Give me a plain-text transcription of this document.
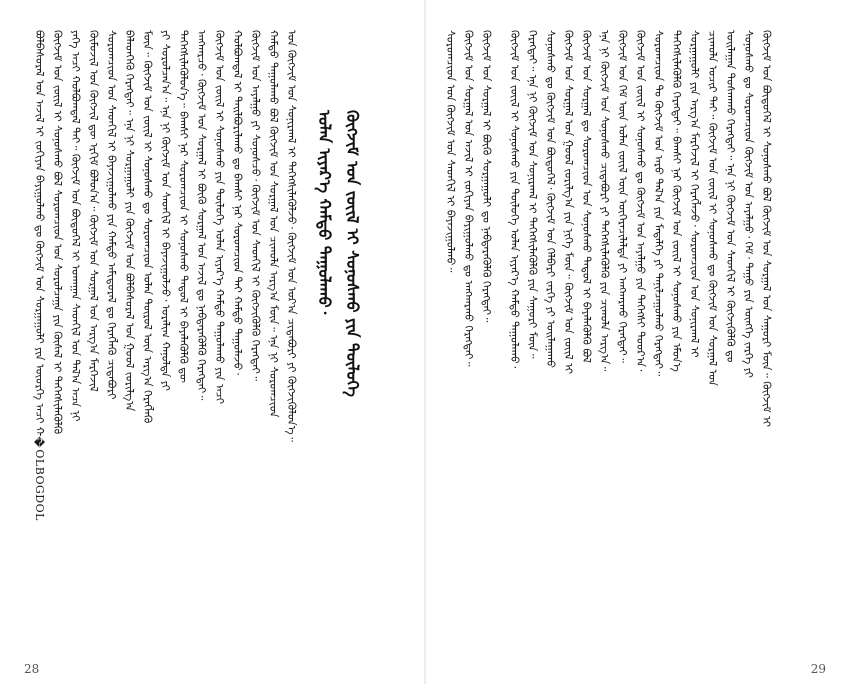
ᠪᠣᠯᠪᠠᠰᠤᠷᠠᠯ ᠤᠨ ᠠᠵᠢᠯ ᠢ ᠵᠣᠬᠢᠶᠠᠨ ᠪᠠᠶᠢᠭᠤᠯᠬᠤ ᠳᠤ ᠬᠥᠭᠵᠢᠮ ᠤᠨ ᠰᠤᠷᠭᠠᠭᠤᠯᠢ ᠶᠢᠨ ᠦᠦᠷᠭᠡ ᠠᠴᠢ ᠬ�OLBOGDOL ᠬᠥᠭᠵᠢᠮ ᠤᠨ ᠵᠦᠢᠯ ᠢ ᠰᠣᠨᠣᠰᠬᠤ ᠪᠣᠯ ᠰᠤᠷᠤᠭᠴᠢᠳ ᠤᠨ ᠰᠤᠷᠤᠯᠴᠠᠭᠠ ᠶᠢᠨ ᠬᠦᠰᠡᠯ ᠢ ᠳᠡᠭᠡᠭᠰᠢᠯᠡᠭᠦᠯᠬᠦ ᠶᠡᠬᠡ ᠠᠴᠢ ᠬᠣᠯᠪᠣᠭᠳᠠᠯ ᠲᠠᠢ᠃ ᠬᠥᠭᠵᠢᠮ ᠤᠨ ᠪᠦᠲᠦᠭᠡᠯ ᠢ ᠤᠬᠠᠭᠠᠨ ᠰᠡᠳᠬᠢᠯ ᠤᠨ ᠲᠠᠯ᠎ᠠ ᠠᠴᠠ ᠨᠢ ᠬᠦᠮᠦᠵᠢᠯ ᠤᠨ ᠬᠥᠭᠵᠢᠯ ᠳᠦ ᠡᠷᠬᠢᠮ ᠪᠣᠯᠣᠨ᠎ᠠ᠃ ᠬᠥᠭᠵᠢᠮ ᠤᠨ ᠰᠤᠷᠭᠠᠯ ᠤᠨ ᠠᠷᠭ᠎ᠠ ᠮᠡᠷᠭᠡᠵᠢᠯ ᠰᠤᠷᠤᠭᠴᠢᠳ ᠤᠨ ᠰᠡᠳᠬᠢᠯ ᠢ ᠪᠠᠶᠠᠵᠢᠭᠤᠯᠬᠤ ᠶᠢᠨ ᠬᠠᠮᠲᠤ ᠠᠮᠢᠳᠤᠷᠠᠯ ᠳᠤ ᠬᠡᠷᠡᠭᠯᠡᠬᠦ ᠴᠢᠳᠠᠪᠤᠷᠢ ᠪᠡᠯᠡᠳᠬᠡᠬᠦ ᠬᠡᠷᠡᠭᠲᠡᠢ᠃ ᠡᠨᠡ ᠨᠢ ᠰᠤᠷᠭᠠᠭᠤᠯᠢ ᠶᠢᠨ ᠬᠥᠭᠵᠢᠮ ᠤᠨ ᠪᠣᠯᠪᠠᠰᠤᠷᠠᠯ ᠤᠨ ᠭᠣᠣᠯ ᠵᠣᠷᠢᠯᠭ᠎ᠠ ᠮᠥᠨ᠃ ᠬᠥᠭᠵᠢᠮ ᠤᠨ ᠵᠦᠢᠯ ᠢ ᠰᠣᠨᠣᠰᠬᠤ ᠳᠤ ᠰᠤᠷᠤᠭᠴᠢᠳ ᠣᠯᠠᠨ ᠲᠥᠷᠥᠯ ᠦᠨ ᠠᠷᠭ᠎ᠠ ᠬᠡᠷᠡᠭᠯᠡᠬᠦ ᠶᠢ ᠰᠤᠷᠤᠯᠴᠠᠨ᠎ᠠ᠃ ᠡᠨᠡ ᠨᠢ ᠬᠥᠭᠵᠢᠮ ᠤᠨ ᠰᠡᠳᠬᠢᠯ ᠢ ᠪᠠᠶᠠᠵᠢᠭᠤᠯᠵᠤ᠂ ᠤᠷᠠᠯᠢᠭ ᠬᠠᠨᠤᠯᠲᠠ ᠶᠢ ᠳᠡᠭᠡᠭᠰᠢᠯᠡᠭᠦᠯᠦᠨ᠎ᠡ᠃ ᠪᠠᠭᠰᠢ ᠨᠠᠷ ᠰᠤᠷᠤᠭᠴᠢᠳ ᠢ ᠰᠣᠨᠣᠰᠬᠤ ᠳᠠᠳᠤᠯ ᠢ ᠪᠡᠶᠡᠯᠡᠭᠦᠯᠬᠦ ᠳᠦ ᠠᠩᠬᠠᠷᠴᠤ᠂ ᠬᠥᠭᠵᠢᠮ ᠤᠨ ᠰᠤᠷᠭᠠᠯ ᠢ ᠪᠦᠬᠦ ᠰᠤᠷᠭᠠᠯ ᠤᠨ ᠠᠵᠢᠯ ᠳᠤ ᠨᠡᠪᠲᠡᠷᠡᠭᠦᠯᠬᠦ ᠬᠡᠷᠡᠭᠲᠡᠢ᠃ ᠬᠥᠭᠵᠢᠮ ᠤᠨ ᠵᠦᠢᠯ ᠢ ᠰᠣᠨᠣᠰᠬᠤ ᠶᠢᠨ ᠲᠥᠯᠥᠭᠡ ᠣᠯᠠᠨ ᠢᠶᠡᠷ᠎ᠡ ᠬᠠᠮᠲᠤ ᠳᠠᠭᠤᠯᠠᠬᠤ ᠶᠢᠨ ᠠᠴᠢ ᠬᠣᠯᠪᠣᠭᠳᠠᠯ ᠢ ᠲᠠᠢᠯᠪᠤᠷᠢᠯᠠᠬᠤ ᠳᠤ ᠪᠠᠭᠰᠢ ᠨᠠᠷ ᠰᠤᠷᠤᠭᠴᠢᠳ ᠲᠠᠢ ᠬᠠᠮᠲᠤ ᠳᠠᠭᠤᠯᠠᠵᠤ᠂ ᠬᠥᠭᠵᠢᠮ ᠤᠨ ᠠᠶᠠᠯᠭᠤ ᠶᠢ ᠰᠣᠨᠣᠰᠴᠤ᠂ ᠬᠥᠭᠵᠢᠮ ᠤᠨ ᠰᠡᠳᠬᠢᠯ ᠢ ᠬᠥᠭᠵᠢᠭᠦᠯᠬᠦ ᠬᠡᠷᠡᠭᠲᠡᠢ᠃ ᠬᠠᠮᠲᠤ ᠳᠠᠭᠤᠯᠠᠬᠤ ᠪᠣᠯ ᠬᠥᠭᠵᠢᠮ ᠤᠨ ᠰᠤᠷᠭᠠᠯ ᠤᠨ ᠴᠢᠬᠤᠯᠠ ᠠᠷᠭ᠎ᠠ ᠮᠥᠨ᠃ ᠡᠨᠡ ᠨᠢ ᠰᠤᠷᠤᠭᠴᠢᠳ ᠤᠨ ᠬᠥᠭᠵᠢᠮ ᠤᠨ ᠰᠣᠨᠢᠷᠬᠠᠯ ᠢ ᠳᠡᠭᠡᠭᠰᠢᠯᠡᠭᠦᠯᠵᠦ᠂ ᠬᠥᠭᠵᠢᠮ ᠤᠨ ᠤᠷ᠎ᠠ ᠴᠢᠳᠠᠪᠤᠷᠢ ᠶᠢ ᠬᠥᠭᠵᠢᠭᠦᠯᠦᠨ᠎ᠡ᠃ ᠣᠯᠠᠨ ᠢᠶᠡᠷ᠎ᠡ ᠬᠠᠮᠲᠤ ᠳᠠᠭᠤᠯᠠᠬᠤ᠂ ᠬᠥᠭᠵᠢᠮ ᠤᠨ ᠵᠦᠢᠯ ᠢ ᠰᠣᠨᠣᠰᠬᠤ ᠶᠢᠨ ᠲᠥᠯᠥᠭᠡ
28
ᠰᠤᠷᠤᠭᠴᠢᠳ ᠤᠨ ᠬᠥᠭᠵᠢᠮ ᠤᠨ ᠰᠡᠳᠬᠢᠯ ᠢ ᠪᠠᠶᠠᠵᠢᠭᠤᠯᠬᠤ᠃ ᠬᠥᠭᠵᠢᠮ ᠤᠨ ᠰᠤᠷᠭᠠᠯ ᠤᠨ ᠠᠵᠢᠯ ᠢ ᠵᠣᠬᠢᠶᠠᠨ ᠪᠠᠶᠢᠭᠤᠯᠬᠤ ᠳᠤ ᠠᠩᠬᠠᠷᠬᠤ ᠬᠡᠷᠡᠭᠲᠡᠢ᠃ ᠬᠥᠭᠵᠢᠮ ᠤᠨ ᠰᠤᠷᠭᠠᠯ ᠢ ᠪᠦᠬᠦ ᠰᠤᠷᠭᠠᠭᠤᠯᠢ ᠳᠤ ᠨᠡᠪᠲᠡᠷᠡᠭᠦᠯᠬᠦ ᠬᠡᠷᠡᠭᠲᠡᠢ᠃ ᠬᠥᠭᠵᠢᠮ ᠤᠨ ᠵᠦᠢᠯ ᠢ ᠰᠣᠨᠣᠰᠬᠤ ᠶᠢᠨ ᠲᠥᠯᠥᠭᠡ ᠣᠯᠠᠨ ᠢᠶᠡᠷ᠎ᠡ ᠬᠠᠮᠲᠤ ᠳᠠᠭᠤᠯᠠᠬᠤ᠂ ᠬᠡᠷᠡᠭᠲᠡᠢ᠃ ᠡᠨᠡ ᠨᠢ ᠬᠥᠭᠵᠢᠮ ᠤᠨ ᠰᠣᠨᠢᠷᠬᠠᠯ ᠢ ᠳᠡᠭᠡᠭᠰᠢᠯᠡᠭᠦᠯᠬᠦ ᠶᠢᠨ ᠰᠠᠭᠤᠷᠢ ᠮᠥᠨ᠃ ᠰᠣᠨᠣᠰᠬᠤ ᠳᠤ ᠬᠥᠭᠵᠢᠮ ᠤᠨ ᠪᠦᠲᠦᠭᠡᠯ᠂ ᠬᠥᠭᠵᠢᠮ ᠤᠨ ᠬᠡᠯᠪᠡᠷᠢ ᠵᠡᠷᠭᠡ ᠶᠢ ᠣᠢᠯᠠᠭᠠᠬᠤ ᠬᠥᠭᠵᠢᠮ ᠤᠨ ᠰᠤᠷᠭᠠᠯ ᠤᠨ ᠭᠣᠣᠯ ᠵᠣᠷᠢᠯᠭ᠎ᠠ ᠶᠢᠨ ᠨᠢᠭᠡ ᠮᠥᠨ᠃ ᠬᠥᠭᠵᠢᠮ ᠤᠨ ᠵᠦᠢᠯ ᠢ ᠬᠥᠭᠵᠢᠮ ᠤᠨ ᠰᠤᠷᠭᠠᠯ ᠳᠤ ᠰᠤᠷᠤᠭᠴᠢᠳ ᠤᠨ ᠰᠣᠨᠣᠰᠬᠤ ᠳᠠᠳᠤᠯ ᠢ ᠪᠡᠶᠡᠯᠡᠭᠦᠯᠬᠦ ᠪᠣᠯ ᠡᠨᠡ ᠨᠢ ᠬᠥᠭᠵᠢᠮ ᠤᠨ ᠰᠣᠨᠣᠰᠬᠤ ᠴᠢᠳᠠᠪᠤᠷᠢ ᠶᠢ ᠳᠡᠭᠡᠭᠰᠢᠯᠡᠭᠦᠯᠬᠦ ᠶᠢᠨ ᠴᠢᠬᠤᠯᠠ ᠠᠷᠭ᠎ᠠ᠃ ᠬᠥᠭᠵᠢᠮ ᠤᠨ ᠬᠡᠮ ᠦᠨ ᠣᠯᠠᠨ ᠵᠦᠢᠯ ᠦᠨ ᠥᠭᠡᠷᠡᠴᠢᠯᠡᠯᠲᠡ ᠶᠢ ᠠᠩᠬᠠᠷᠬᠤ ᠬᠡᠷᠡᠭᠲᠡᠢ᠃ ᠬᠥᠭᠵᠢᠮ ᠤᠨ ᠵᠦᠢᠯ ᠢ ᠰᠣᠨᠣᠰᠬᠤ ᠳᠤ ᠬᠥᠭᠵᠢᠮ ᠤᠨ ᠠᠶᠠᠯᠭᠤ ᠶᠢᠨ ᠳᠡᠭᠡᠭᠰᠢ ᠳᠣᠣᠷ᠎ᠠ᠂ ᠰᠤᠷᠤᠭᠴᠢᠳ ᠲᠤ ᠬᠥᠭᠵᠢᠮ ᠤᠨ ᠠᠷᠤ ᠲᠠᠯ᠎ᠠ ᠶᠢᠨ ᠮᠡᠳᠡᠯᠭᠡ ᠶᠢ ᠲᠠᠨᠢᠯᠴᠠᠭᠤᠯᠬᠤ ᠬᠡᠷᠡᠭᠲᠡᠢ᠃ ᠳᠡᠭᠡᠭᠰᠢᠯᠡᠭᠦᠯᠬᠦ ᠬᠡᠷᠡᠭᠲᠡᠢ᠃ ᠪᠠᠭᠰᠢ ᠨᠠᠷ ᠬᠥᠭᠵᠢᠮ ᠤᠨ ᠵᠦᠢᠯ ᠢ ᠰᠣᠨᠣᠰᠬᠤ ᠶᠢᠨ ᠡᠮᠦᠨ᠎ᠡ ᠰᠤᠷᠭᠠᠭᠤᠯᠢ ᠶᠢᠨ ᠠᠷᠭ᠎ᠠ ᠮᠡᠷᠭᠡᠵᠢᠯ ᠢ ᠬᠡᠷᠡᠭᠯᠡᠵᠦ᠂ ᠰᠤᠷᠤᠭᠴᠢᠳ ᠤᠨ ᠰᠣᠨᠢᠷᠬᠠᠯ ᠢ ᠴᠢᠬᠤᠯᠠ ᠤᠴᠢᠷ ᠲᠠᠢ᠃ ᠬᠥᠭᠵᠢᠮ ᠤᠨ ᠵᠦᠢᠯ ᠢ ᠰᠣᠨᠣᠰᠬᠤ ᠳᠤ ᠬᠥᠭᠵᠢᠮ ᠤᠨ ᠰᠤᠷᠭᠠᠯ ᠤᠨ ᠣᠢᠯᠠᠭᠠᠨ ᠲᠤᠰᠬᠠᠬᠤ ᠬᠡᠷᠡᠭᠲᠡᠢ᠃ ᠡᠨᠡ ᠨᠢ ᠬᠥᠭᠵᠢᠮ ᠤᠨ ᠰᠡᠳᠬᠢᠯ ᠢ ᠬᠥᠭᠵᠢᠭᠦᠯᠬᠦ ᠳᠤ ᠰᠣᠨᠣᠰᠬᠤ ᠳᠤ ᠰᠤᠷᠤᠭᠴᠢᠳ ᠬᠥᠭᠵᠢᠮ ᠤᠨ ᠠᠶᠠᠯᠭᠤ᠂ ᠬᠡᠮ᠂ ᠳᠠᠭᠤ ᠶᠢᠨ ᠥᠩᠭᠡ ᠵᠡᠷᠭᠡ ᠶᠢ ᠬᠥᠭᠵᠢᠮ ᠤᠨ ᠪᠦᠲᠦᠭᠡᠯ ᠢ ᠰᠣᠨᠣᠰᠬᠤ ᠪᠣᠯ ᠬᠥᠭᠵᠢᠮ ᠤᠨ ᠰᠤᠷᠭᠠᠯ ᠤᠨ ᠰᠠᠭᠤᠷᠢ ᠮᠥᠨ᠃ ᠬᠥᠭᠵᠢᠮ ᠢ
29
